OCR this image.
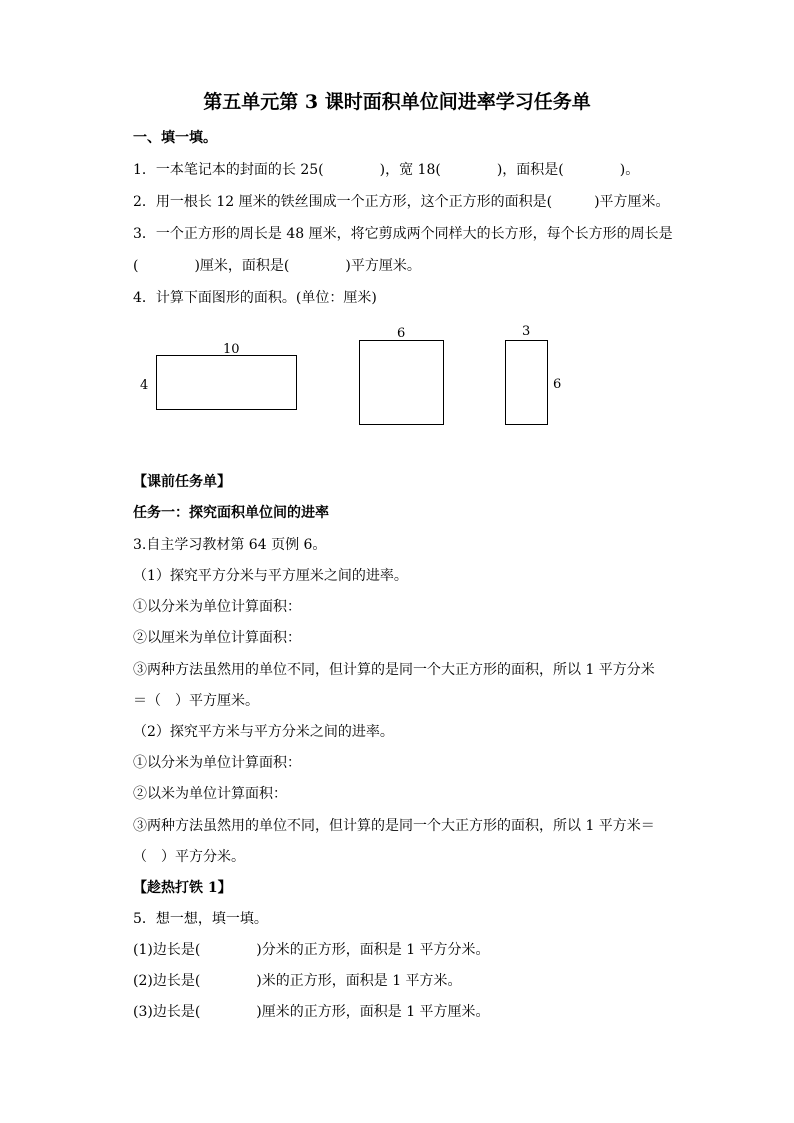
第五单元第 3 课时面积单位间进率学习任务单
一、填一填。
1．一本笔记本的封面的长 25(　　　　)，宽 18(　　　　)，面积是(　　　　)。
2．用一根长 12 厘米的铁丝围成一个正方形，这个正方形的面积是(　　　)平方厘米。
3．一个正方形的周长是 48 厘米，将它剪成两个同样大的长方形，每个长方形的周长是
(　　　　)厘米，面积是(　　　　)平方厘米。
4．计算下面图形的面积。(单位：厘米)
10
4
6	3
6
【课前任务单】
任务一：探究面积单位间的进率
3.自主学习教材第 64 页例 6。
（1）探究平方分米与平方厘米之间的进率。
①以分米为单位计算面积：
②以厘米为单位计算面积：
③两种方法虽然用的单位不同，但计算的是同一个大正方形的面积，所以 1 平方分米
＝（　）平方厘米。
（2）探究平方米与平方分米之间的进率。
①以分米为单位计算面积：
②以米为单位计算面积：
③两种方法虽然用的单位不同，但计算的是同一个大正方形的面积，所以 1 平方米＝
（　）平方分米。
【趁热打铁 1】
5．想一想，填一填。
(1)边长是(　　　　)分米的正方形，面积是 1 平方分米。
(2)边长是(　　　　)米的正方形，面积是 1 平方米。
(3)边长是(　　　　)厘米的正方形，面积是 1 平方厘米。
